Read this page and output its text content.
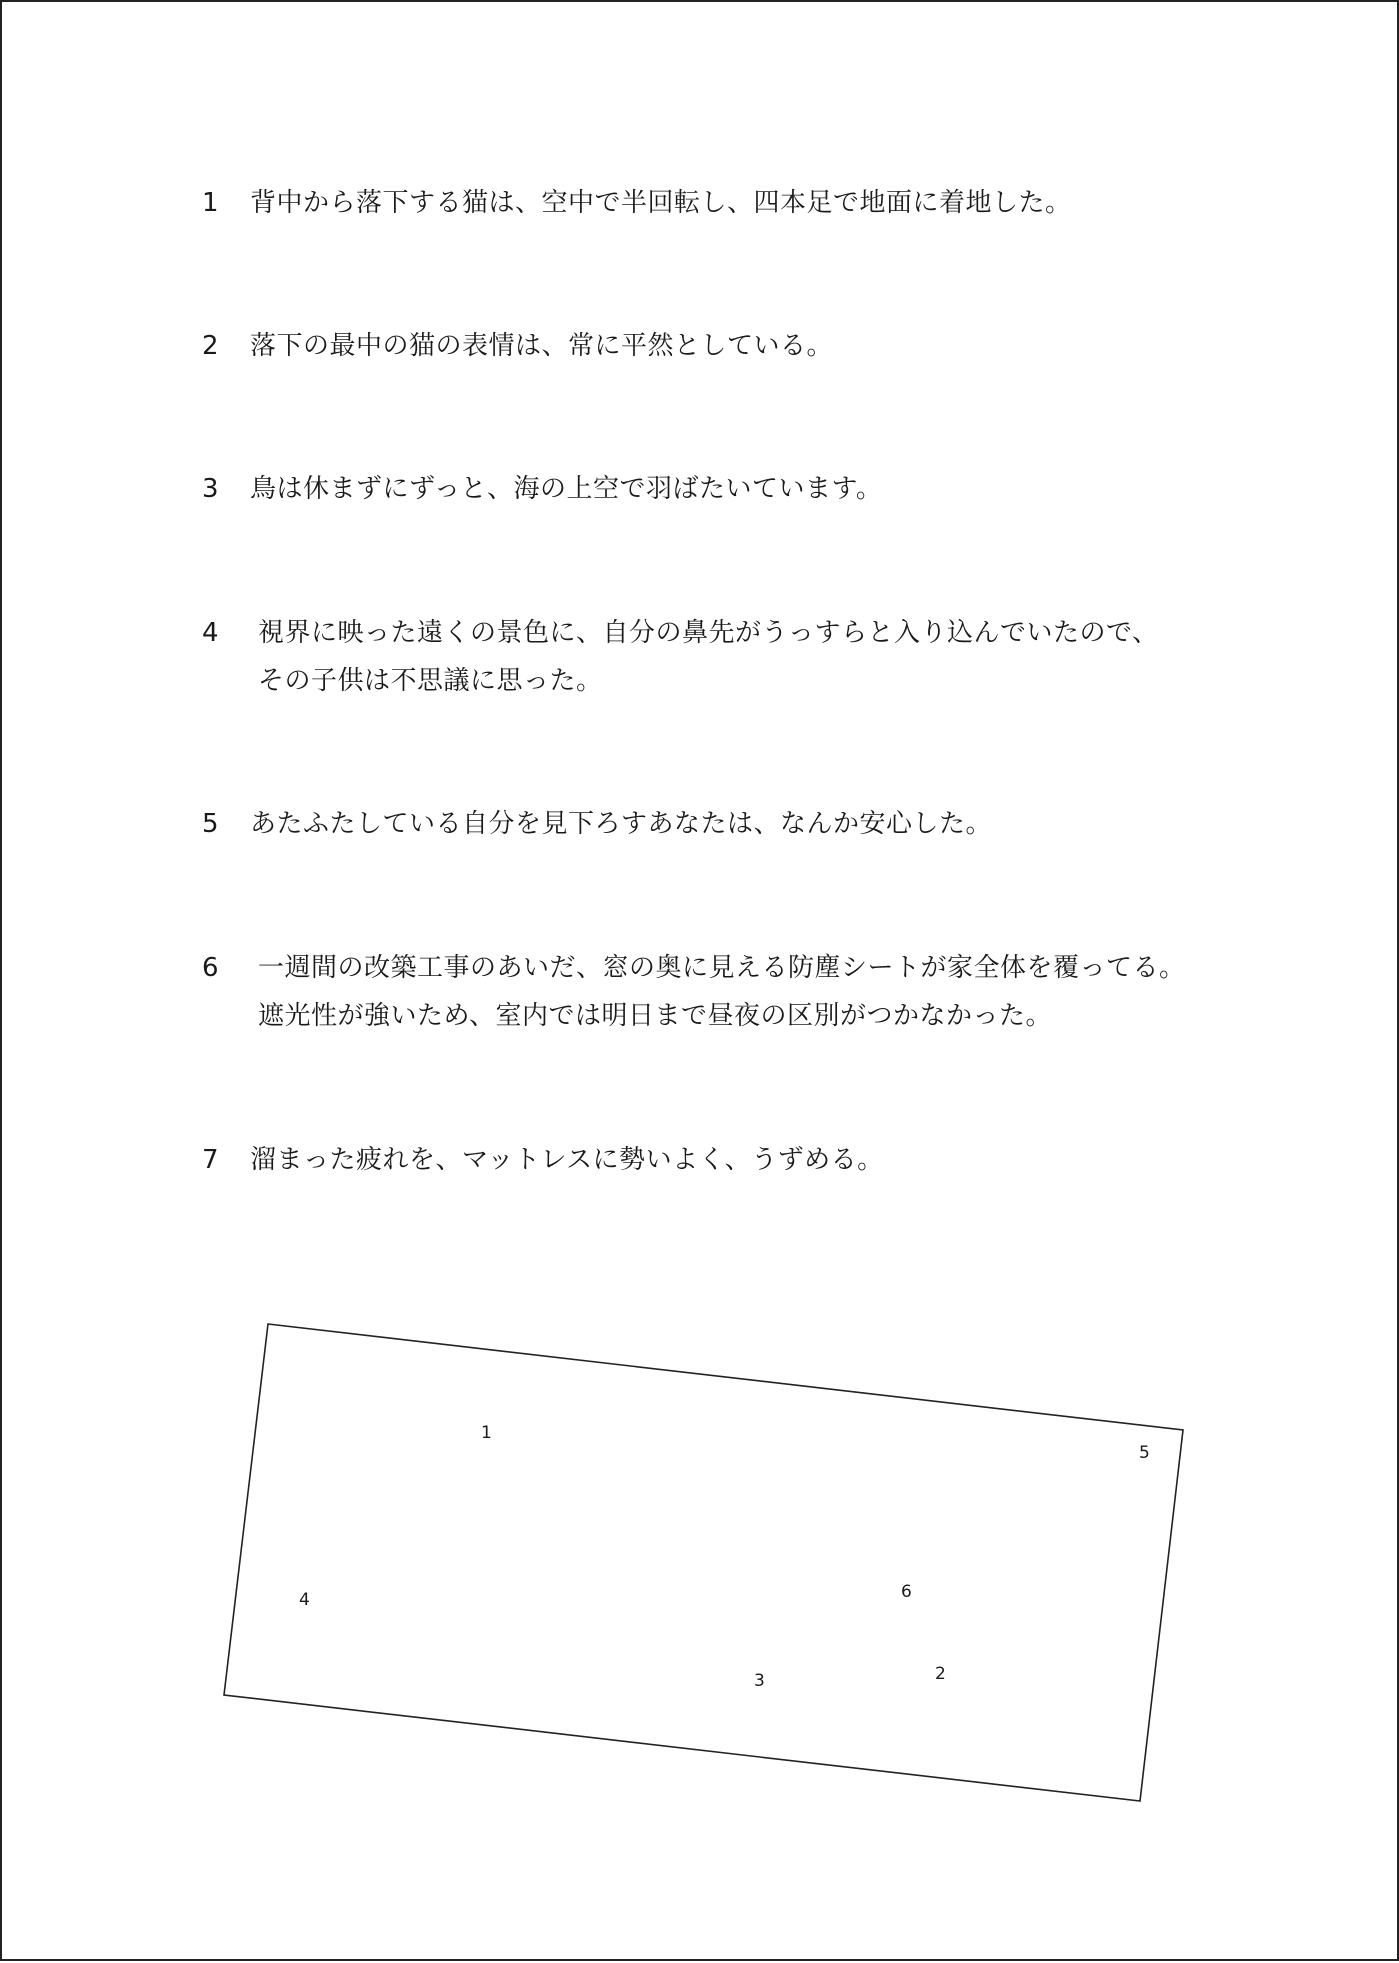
1 背中から落下する猫は、空中で半回転し、四本足で地面に着地した。
2 落下の最中の猫の表情は、常に平然としている。
3 鳥は休まずにずっと、海の上空で羽ばたいています。
4 視界に映った遠くの景色に、自分の鼻先がうっすらと入り込んでいたので、
その子供は不思議に思った。
5 あたふたしている自分を見下ろすあなたは、なんか安心した。
6 一週間の改築工事のあいだ、窓の奥に見える防塵シートが家全体を覆ってる。
遮光性が強いため、室内では明日まで昼夜の区別がつかなかった。
7 溜まった疲れを、マットレスに勢いよく、うずめる。
1
5
4	6
2
3
